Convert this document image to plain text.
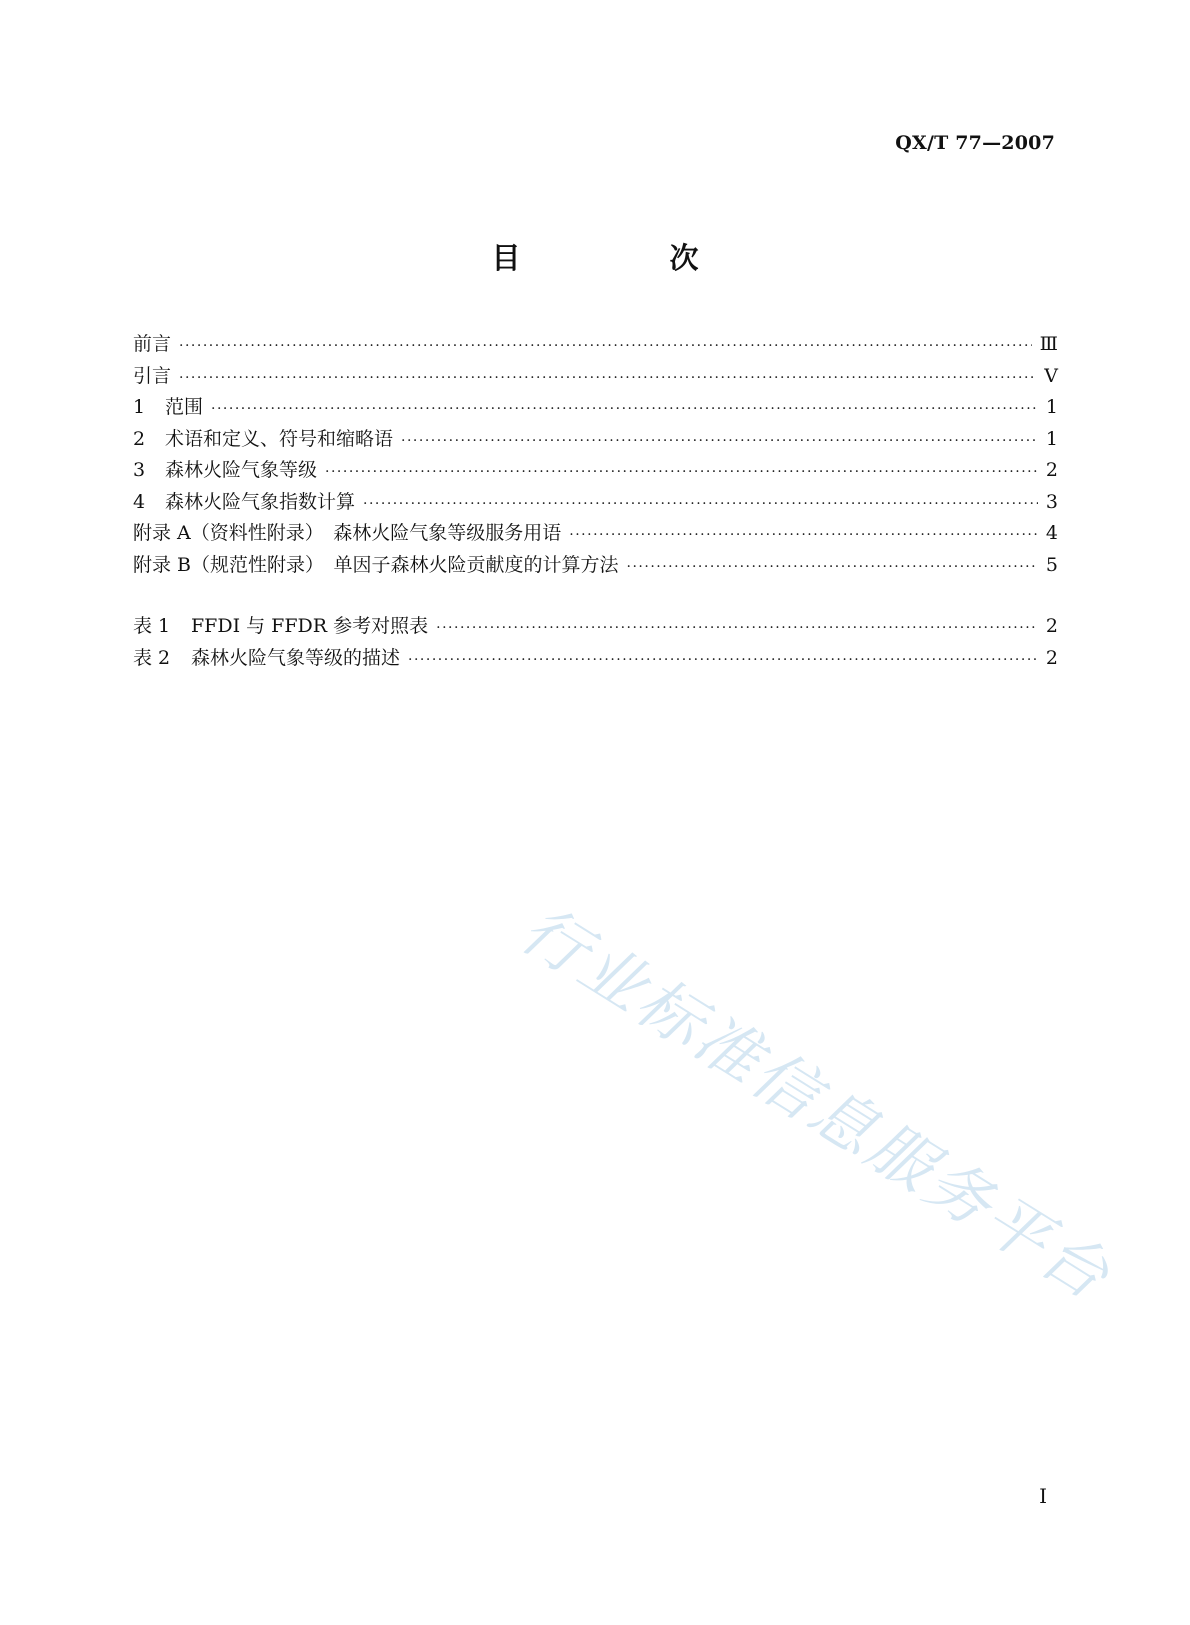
QX/T 77—2007
目　次
前言 ·····	Ⅲ
引言 ·····	Ⅴ
1	范围 ·····	1
2	术语和定义、符号和缩略语 ·····	1
3	森林火险气象等级 ·····	2
4	森林火险气象指数计算 ·····	3
附录 A（资料性附录）　森林火险气象等级服务用语 ·····	4
附录 B（规范性附录）　单因子森林火险贡献度的计算方法 ·····	5
表 1	FFDI 与 FFDR 参考对照表 ·····	2
表 2	森林火险气象等级的描述 ·····	2
行业标准信息服务平台
I
